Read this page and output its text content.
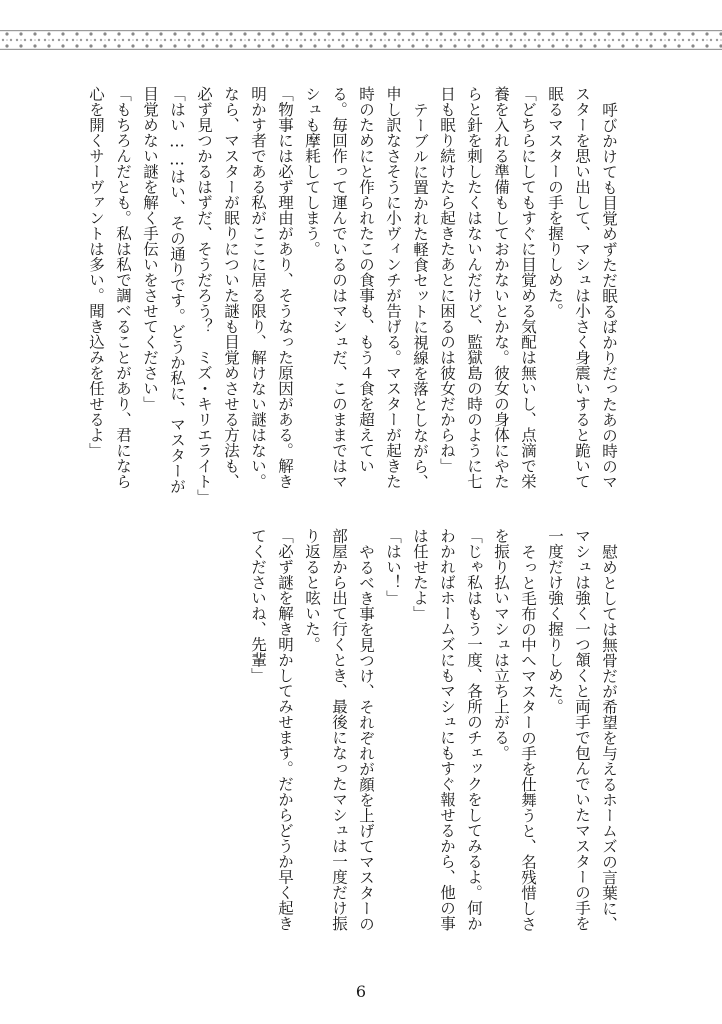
呼びかけても目覚めずただ眠るばかりだったあの時のマスターを思い出して、マシュは小さく身震いすると跪いて眠るマスターの手を握りしめた。

「どちらにしてもすぐに目覚める気配は無いし、点滴で栄養を入れる準備もしておかないとかな。彼女の身体にやたらと針を刺したくはないんだけど、監獄島の時のように七日も眠り続けたら起きたあとに困るのは彼女だからね」

テーブルに置かれた軽食セットに視線を落としながら、申し訳なさそうに小ヴィンチが告げる。マスターが起きた時のためにと作られたこの食事も、もう４食を超えている。毎回作って運んでいるのはマシュだ、このままではマシュも摩耗してしまう。

「物事には必ず理由があり、そうなった原因がある。解き明かす者である私がここに居る限り、解けない謎はない。なら、マスターが眠りについた謎も目覚めさせる方法も、必ず見つかるはずだ、そうだろう？　ミズ・キリエライト」

「はい……はい、その通りです。どうか私に、マスターが目覚めない謎を解く手伝いをさせてください」

「もちろんだとも。私は私で調べることがあり、君になら心を開くサーヴァントは多い。聞き込みを任せるよ」

慰めとしては無骨だが希望を与えるホームズの言葉に、マシュは強く一つ頷くと両手で包んでいたマスターの手を一度だけ強く握りしめた。

そっと毛布の中へマスターの手を仕舞うと、名残惜しさを振り払いマシュは立ち上がる。

「じゃ私はもう一度、各所のチェックをしてみるよ。何かわかればホームズにもマシュにもすぐ報せるから、他の事は任せたよ」

「はい！」

やるべき事を見つけ、それぞれが顔を上げてマスターの部屋から出て行くとき、最後になったマシュは一度だけ振り返ると呟いた。

「必ず謎を解き明かしてみせます。だからどうか早く起きてくださいね、先輩」

6
